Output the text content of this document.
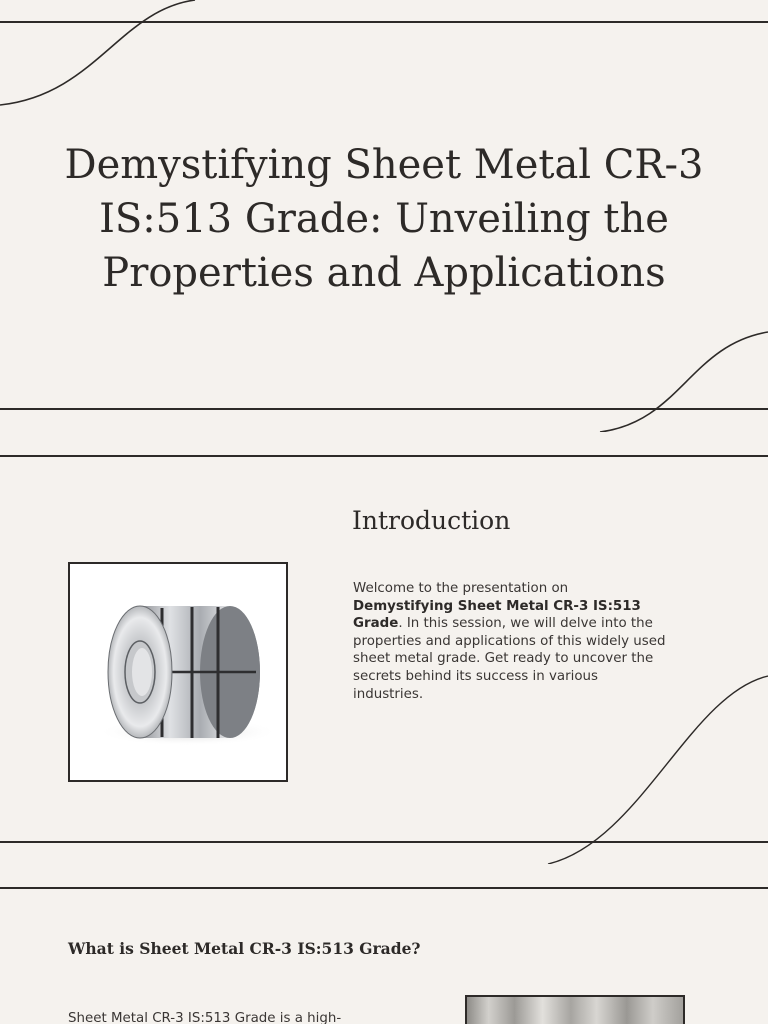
Demystifying Sheet Metal CR-3 IS:513 Grade: Unveiling the Properties and Applications
Introduction

Welcome to the presentation on Demystifying Sheet Metal CR-3 IS:513 Grade. In this session, we will delve into the properties and applications of this widely used sheet metal grade. Get ready to uncover the secrets behind its success in various industries.

What is Sheet Metal CR-3 IS:513 Grade?

Sheet Metal CR-3 IS:513 Grade is a high-
